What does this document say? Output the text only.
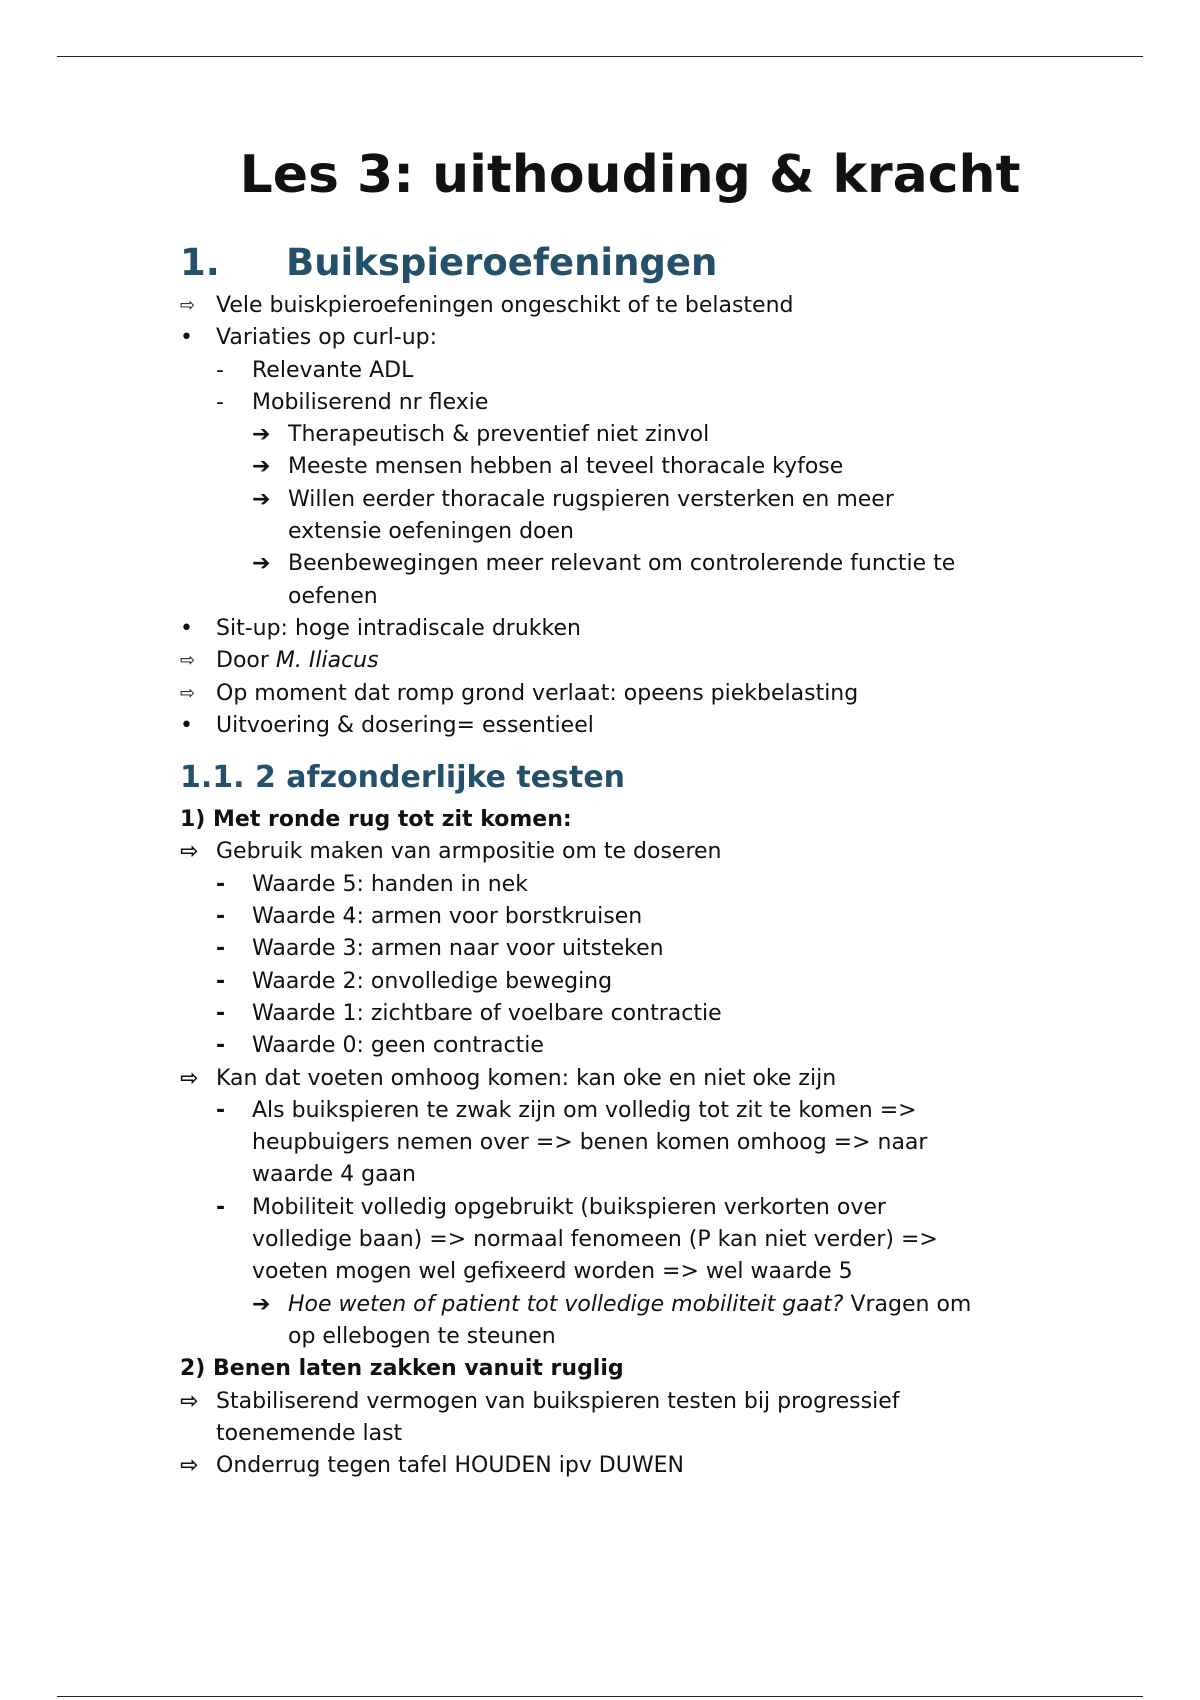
Les 3: uithouding & kracht
1. Buikspieroefeningen
⇨ Vele buiskpieroefeningen ongeschikt of te belastend
• Variaties op curl-up:
- Relevante ADL
- Mobiliserend nr flexie
➔ Therapeutisch & preventief niet zinvol
➔ Meeste mensen hebben al teveel thoracale kyfose
➔ Willen eerder thoracale rugspieren versterken en meer
extensie oefeningen doen
➔ Beenbewegingen meer relevant om controlerende functie te
oefenen
• Sit-up: hoge intradiscale drukken
⇨ Door M. Iliacus
⇨ Op moment dat romp grond verlaat: opeens piekbelasting
• Uitvoering & dosering= essentieel
1.1. 2 afzonderlijke testen
1) Met ronde rug tot zit komen:
⇨ Gebruik maken van armpositie om te doseren
- Waarde 5: handen in nek
- Waarde 4: armen voor borstkruisen
- Waarde 3: armen naar voor uitsteken
- Waarde 2: onvolledige beweging
- Waarde 1: zichtbare of voelbare contractie
- Waarde 0: geen contractie
⇨ Kan dat voeten omhoog komen: kan oke en niet oke zijn
- Als buikspieren te zwak zijn om volledig tot zit te komen =>
heupbuigers nemen over => benen komen omhoog => naar
waarde 4 gaan
- Mobiliteit volledig opgebruikt (buikspieren verkorten over
volledige baan) => normaal fenomeen (P kan niet verder) =>
voeten mogen wel gefixeerd worden => wel waarde 5
➔ Hoe weten of patient tot volledige mobiliteit gaat? Vragen om
op ellebogen te steunen
2) Benen laten zakken vanuit ruglig
⇨ Stabiliserend vermogen van buikspieren testen bij progressief
toenemende last
⇨ Onderrug tegen tafel HOUDEN ipv DUWEN
